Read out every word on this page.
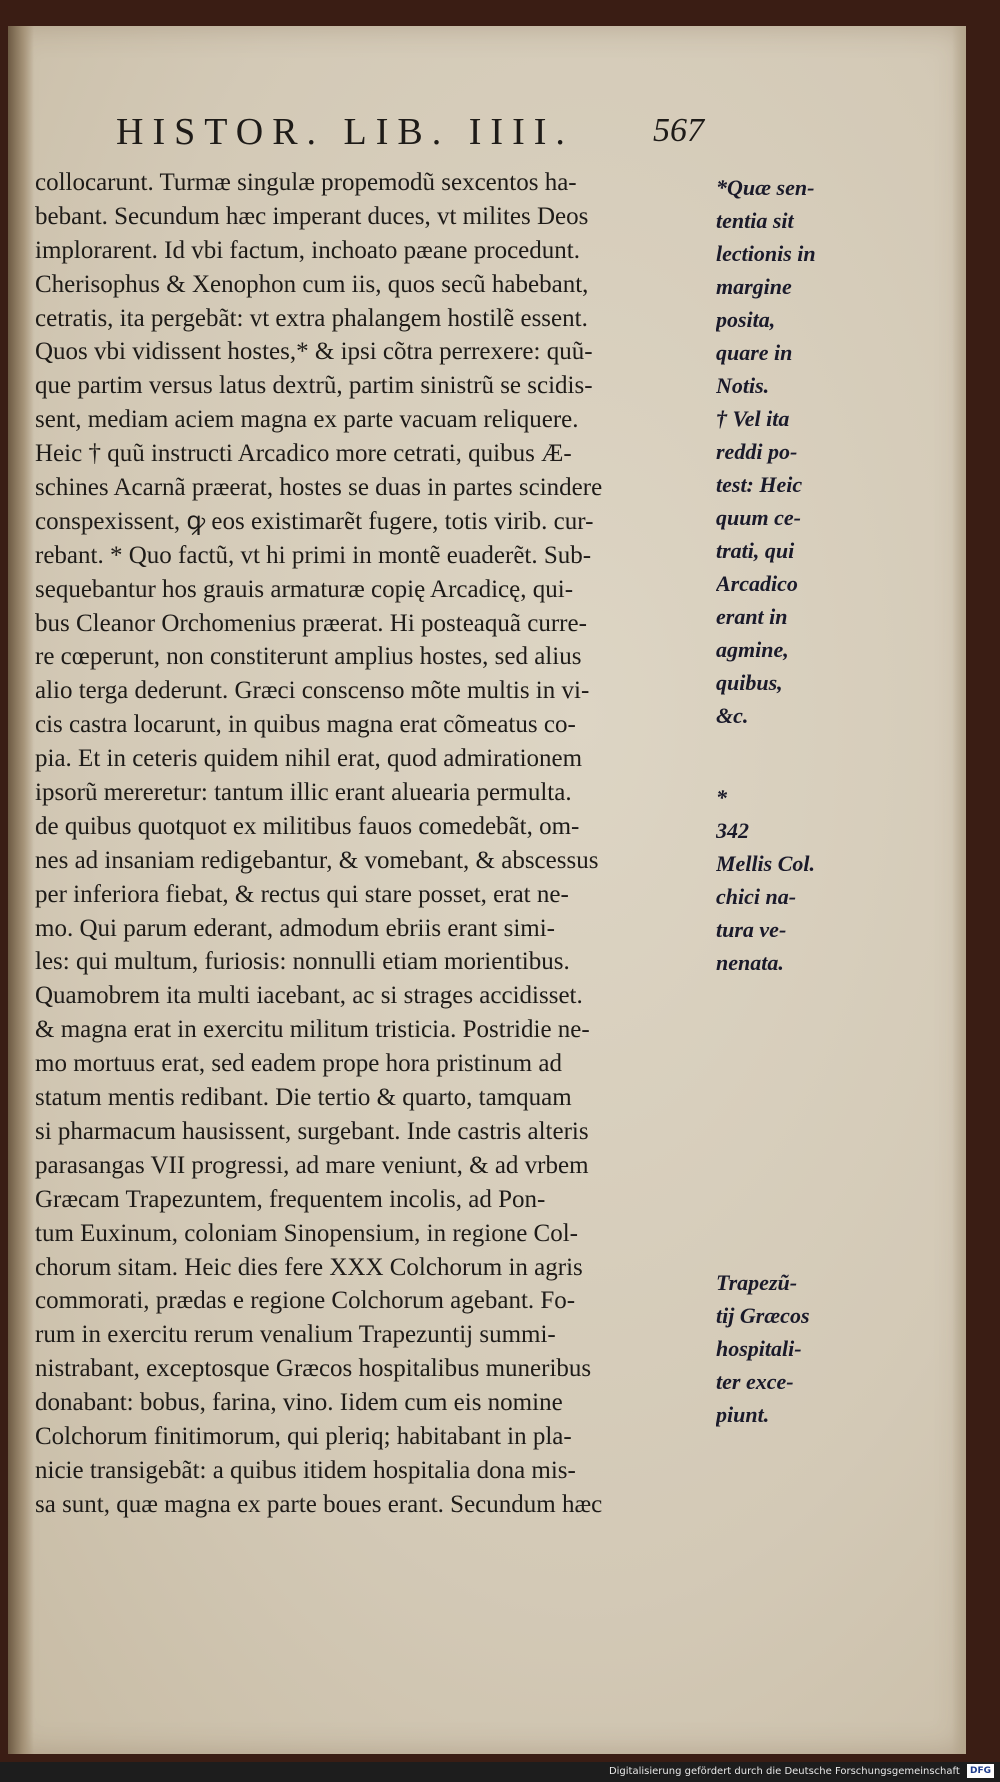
HISTOR. LIB. IIII.	567
collocarunt. Turmæ singulæ propemodũ sexcentos ha-
bebant. Secundum hæc imperant duces, vt milites Deos
implorarent. Id vbi factum, inchoato pæane procedunt.
Cherisophus & Xenophon cum iis, quos secũ habebant,
cetratis, ita pergebãt: vt extra phalangem hostilẽ essent.
Quos vbi vidissent hostes,* & ipsi cõtra perrexere: quũ-
que partim versus latus dextrũ, partim sinistrũ se scidis-
sent, mediam aciem magna ex parte vacuam reliquere.
Heic † quũ instructi Arcadico more cetrati, quibus Æ-
schines Acarnã præerat, hostes se duas in partes scindere
conspexissent, ꝙ eos existimarẽt fugere, totis virib. cur-
rebant. * Quo factũ, vt hi primi in montẽ euaderẽt. Sub-
sequebantur hos grauis armaturæ copię Arcadicę, qui-
bus Cleanor Orchomenius præerat. Hi posteaquã curre-
re cœperunt, non constiterunt amplius hostes, sed alius
alio terga dederunt. Græci conscenso mõte multis in vi-
cis castra locarunt, in quibus magna erat cõmeatus co-
pia. Et in ceteris quidem nihil erat, quod admirationem
ipsorũ mereretur: tantum illic erant aluearia permulta.
de quibus quotquot ex militibus fauos comedebãt, om-
nes ad insaniam redigebantur, & vomebant, & abscessus
per inferiora fiebat, & rectus qui stare posset, erat ne-
mo. Qui parum ederant, admodum ebriis erant simi-
les: qui multum, furiosis: nonnulli etiam morientibus.
Quamobrem ita multi iacebant, ac si strages accidisset.
& magna erat in exercitu militum tristicia. Postridie ne-
mo mortuus erat, sed eadem prope hora pristinum ad
statum mentis redibant. Die tertio & quarto, tamquam
si pharmacum hausissent, surgebant. Inde castris alteris
parasangas VII progressi, ad mare veniunt, & ad vrbem
Græcam Trapezuntem, frequentem incolis, ad Pon-
tum Euxinum, coloniam Sinopensium, in regione Col-
chorum sitam. Heic dies fere XXX Colchorum in agris
commorati, prædas e regione Colchorum agebant. Fo-
rum in exercitu rerum venalium Trapezuntij summi-
nistrabant, exceptosque Græcos hospitalibus muneribus
donabant: bobus, farina, vino. Iidem cum eis nomine
Colchorum finitimorum, qui pleriq; habitabant in pla-
nicie transigebãt: a quibus itidem hospitalia dona mis-
sa sunt, quæ magna ex parte boues erant. Secundum hæc
*Quæ sen-
tentia sit
lectionis in
margine
posita,
quare in
Notis.
† Vel ita
reddi po-
test: Heic
quum ce-
trati, qui
Arcadico
erant in
agmine,
quibus,
&c.
*
342
Mellis Col.
chici na-
tura ve-
nenata.
Trapezũ-
tij Græcos
hospitali-
ter exce-
piunt.
Digitalisierung gefördert durch die Deutsche Forschungsgemeinschaft DFG
